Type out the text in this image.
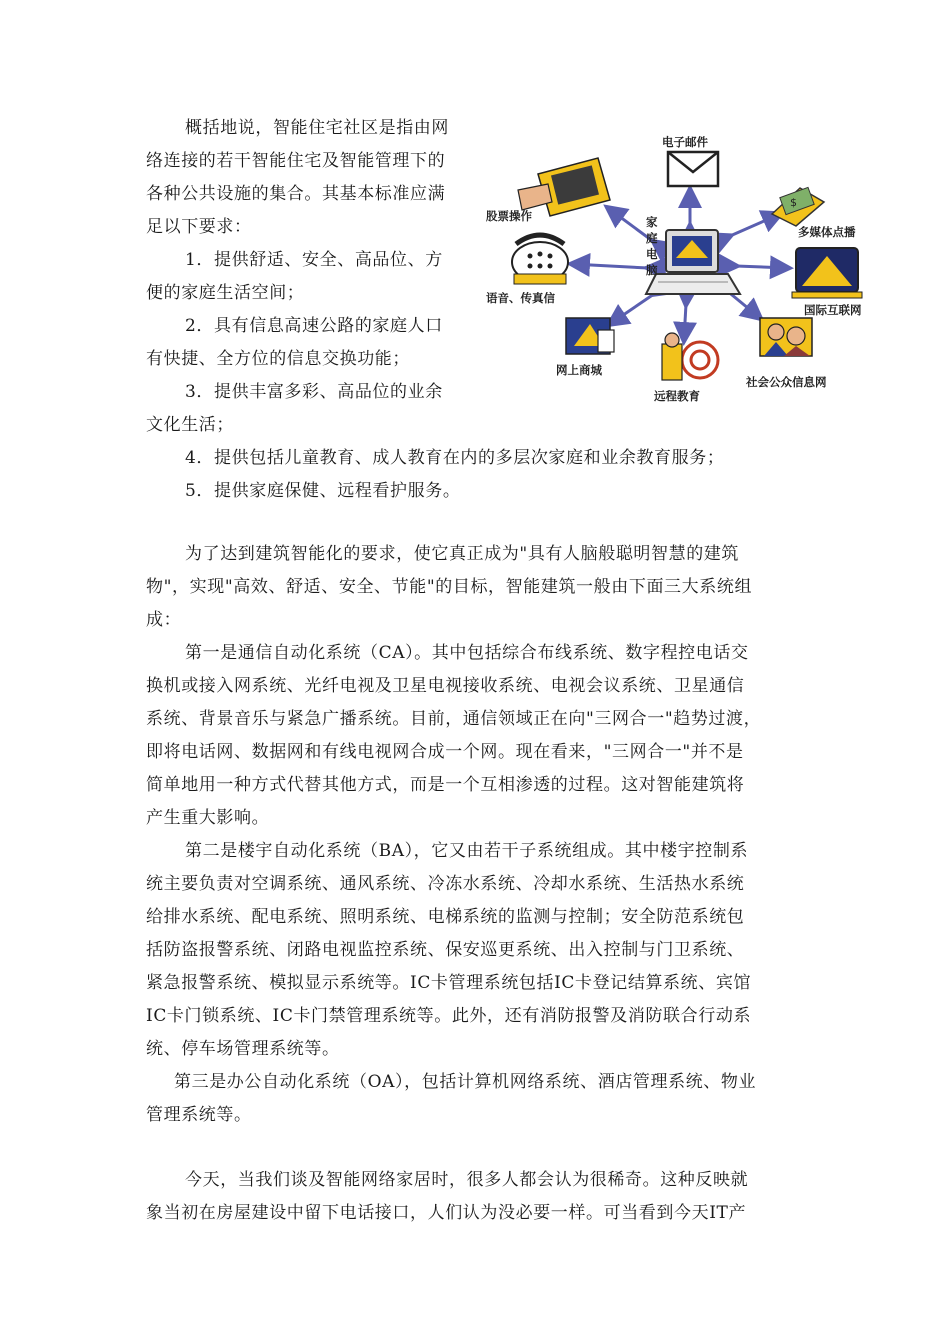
概括地说，智能住宅社区是指由网
络连接的若干智能住宅及智能管理下的
各种公共设施的集合。其基本标准应满
足以下要求：
1．提供舒适、安全、高品位、方
便的家庭生活空间；
2．具有信息高速公路的家庭人口
有快捷、全方位的信息交换功能；
3．提供丰富多彩、高品位的业余
文化生活；
4．提供包括儿童教育、成人教育在内的多层次家庭和业余教育服务；
5．提供家庭保健、远程看护服务。
家
庭
电
脑
电子邮件
$
多媒体点播
国际互联网
社会公众信息网
远程教育
网上商城
语音、传真信
股票操作
为了达到建筑智能化的要求，使它真正成为"具有人脑般聪明智慧的建筑
物"，实现"高效、舒适、安全、节能"的目标，智能建筑一般由下面三大系统组
成：
第一是通信自动化系统（CA）。其中包括综合布线系统、数字程控电话交
换机或接入网系统、光纤电视及卫星电视接收系统、电视会议系统、卫星通信
系统、背景音乐与紧急广播系统。目前，通信领域正在向"三网合一"趋势过渡，
即将电话网、数据网和有线电视网合成一个网。现在看来，"三网合一"并不是
简单地用一种方式代替其他方式，而是一个互相渗透的过程。这对智能建筑将
产生重大影响。
第二是楼宇自动化系统（BA），它又由若干子系统组成。其中楼宇控制系
统主要负责对空调系统、通风系统、冷冻水系统、冷却水系统、生活热水系统
给排水系统、配电系统、照明系统、电梯系统的监测与控制；安全防范系统包
括防盗报警系统、闭路电视监控系统、保安巡更系统、出入控制与门卫系统、
紧急报警系统、模拟显示系统等。IC卡管理系统包括IC卡登记结算系统、宾馆
IC卡门锁系统、IC卡门禁管理系统等。此外，还有消防报警及消防联合行动系
统、停车场管理系统等。
第三是办公自动化系统（OA），包括计算机网络系统、酒店管理系统、物业
管理系统等。
今天，当我们谈及智能网络家居时，很多人都会认为很稀奇。这种反映就
象当初在房屋建设中留下电话接口，人们认为没必要一样。可当看到今天IT产
